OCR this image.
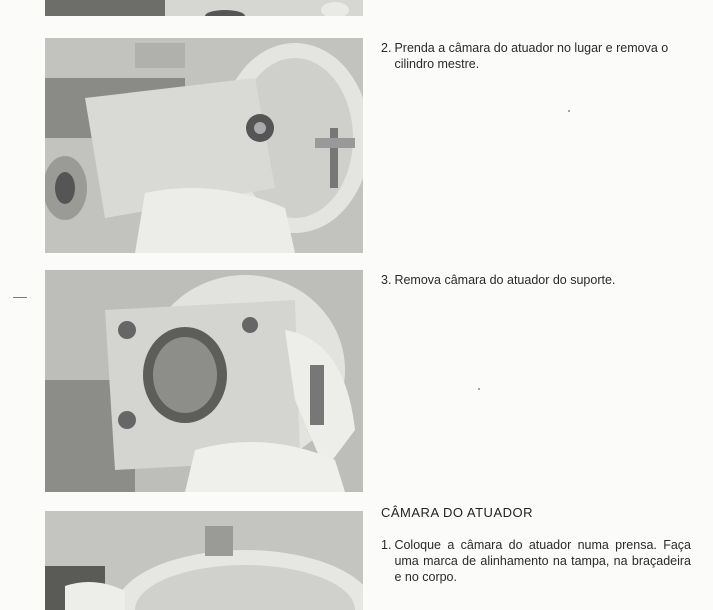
2. Prenda a câmara do atuador no lugar e remova o cilindro mestre.
3. Remova câmara do atuador do suporte.
CÂMARA DO ATUADOR
1. Coloque a câmara do atuador numa prensa. Faça uma marca de alinhamento na tampa, na braçadeira e no corpo.
